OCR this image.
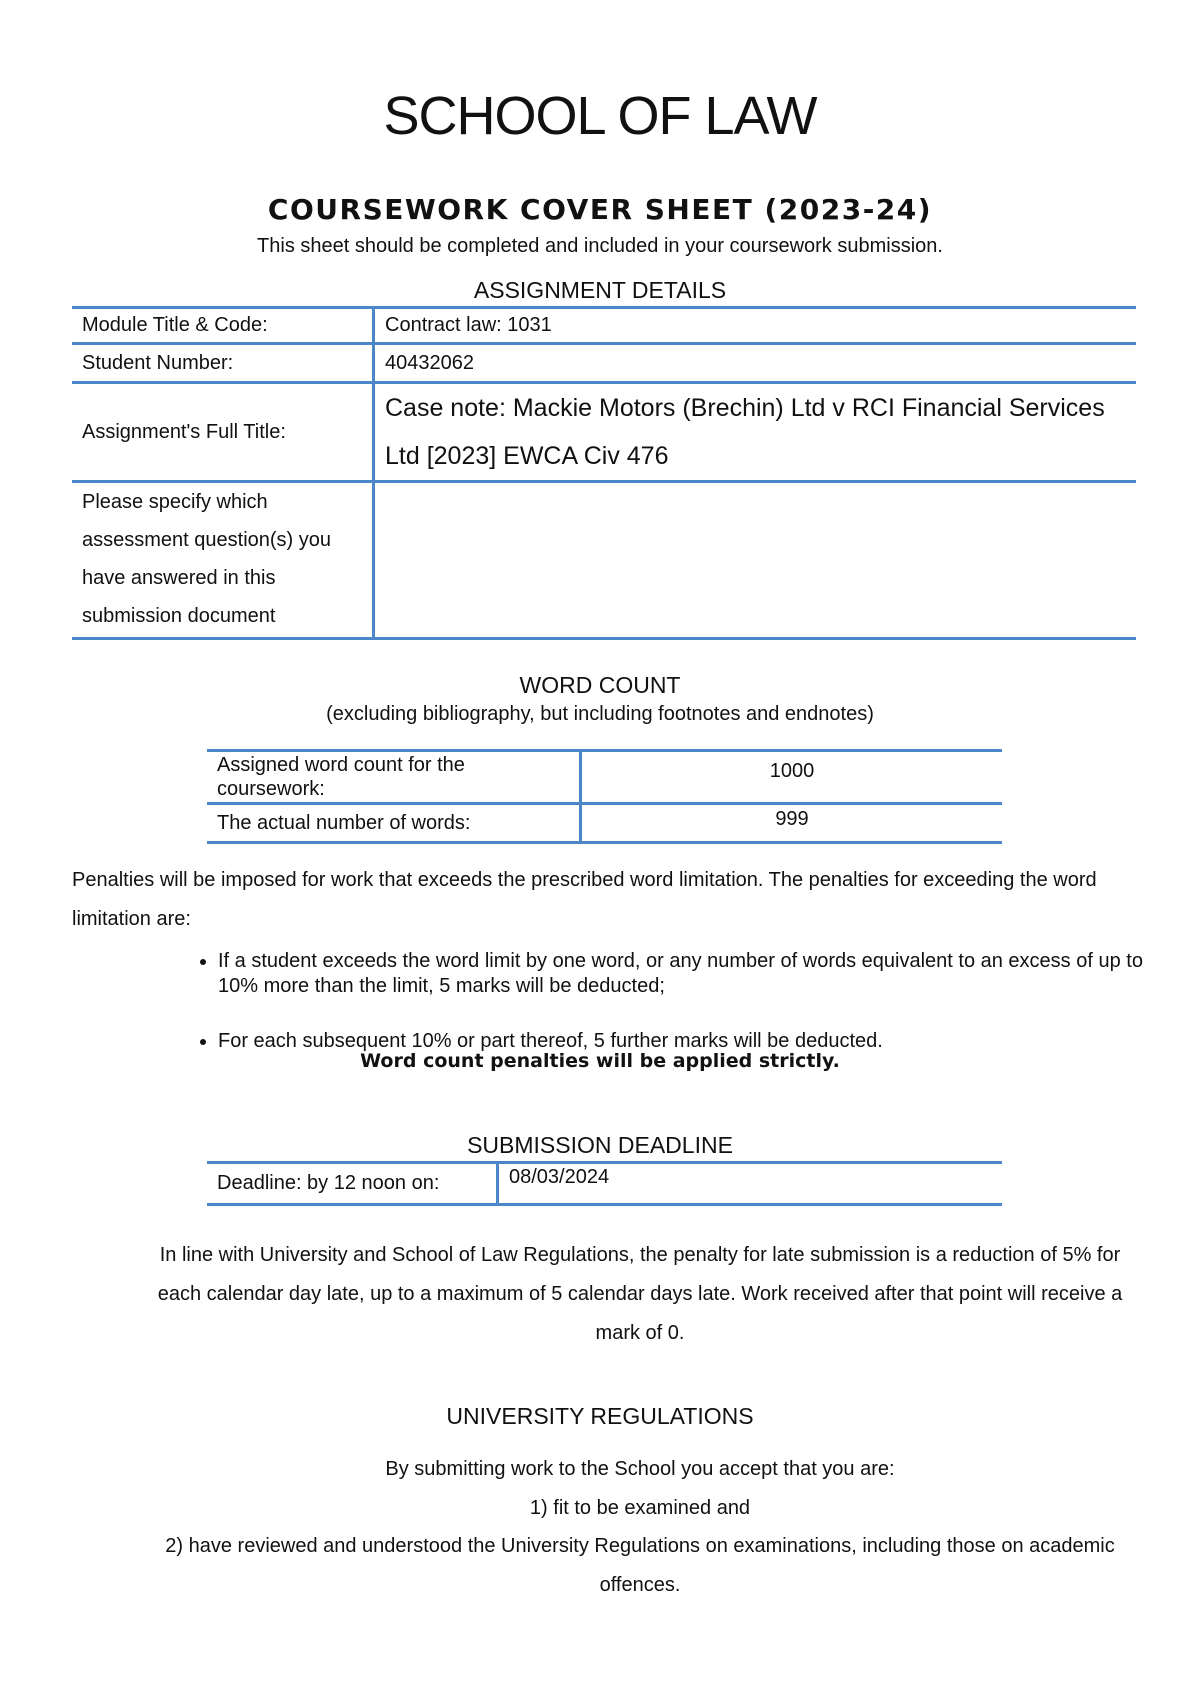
SCHOOL OF LAW
COURSEWORK COVER SHEET (2023-24)
This sheet should be completed and included in your coursework submission.
ASSIGNMENT DETAILS
Module Title & Code:	Contract law: 1031
Student Number:	40432062
Assignment's Full Title:	Case note: Mackie Motors (Brechin) Ltd v RCI Financial Services Ltd [2023] EWCA Civ 476
Please specify which assessment question(s) you have answered in this submission document	
WORD COUNT
(excluding bibliography, but including footnotes and endnotes)
Assigned word count for the coursework:	1000
The actual number of words:	999
Penalties will be imposed for work that exceeds the prescribed word limitation. The penalties for exceeding the word limitation are:
• If a student exceeds the word limit by one word, or any number of words equivalent to an excess of up to 10% more than the limit, 5 marks will be deducted;
• For each subsequent 10% or part thereof, 5 further marks will be deducted.
Word count penalties will be applied strictly.
SUBMISSION DEADLINE
Deadline: by 12 noon on:	08/03/2024
In line with University and School of Law Regulations, the penalty for late submission is a reduction of 5% for each calendar day late, up to a maximum of 5 calendar days late. Work received after that point will receive a mark of 0.
UNIVERSITY REGULATIONS
By submitting work to the School you accept that you are:
1) fit to be examined and
2) have reviewed and understood the University Regulations on examinations, including those on academic offences.
